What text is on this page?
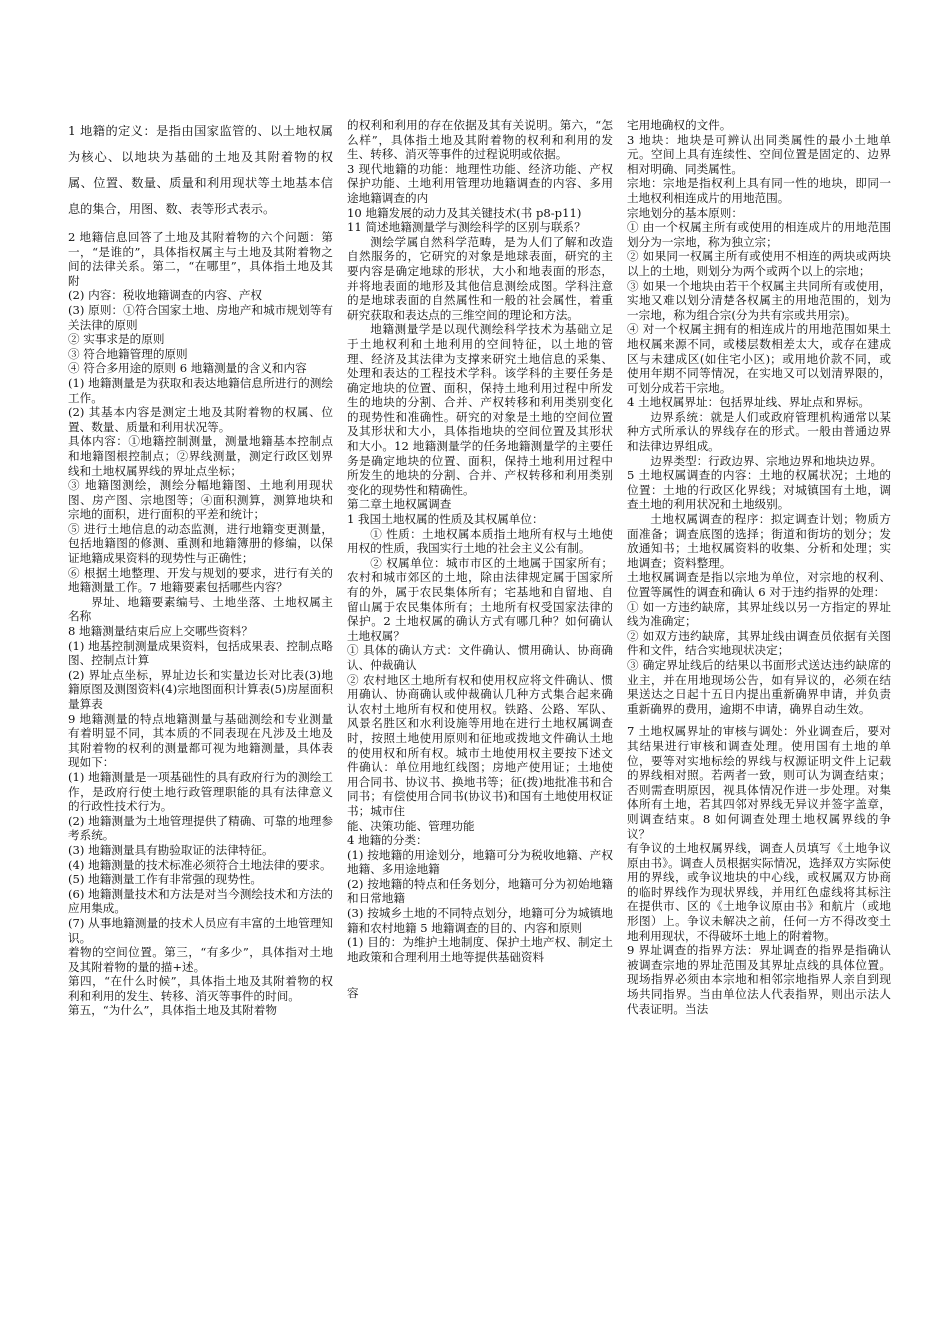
1 地籍的定义：是指由国家监管的、以土地权属为核心、以地块为基础的土地及其附着物的权属、位置、数量、质量和利用现状等土地基本信息的集合，用图、数、表等形式表示。

2 地籍信息回答了土地及其附着物的六个问题：第一，“是谁的”，具体指权属主与土地及其附着物之间的法律关系。第二，“在哪里”，具体指土地及其附

(2) 内容：税收地籍调查的内容、产权

(3) 原则：①符合国家土地、房地产和城市规划等有关法律的原则

② 实事求是的原则

③ 符合地籍管理的原则

④ 符合多用途的原则 6 地籍测量的含义和内容

(1) 地籍测量是为获取和表达地籍信息所进行的测绘工作。

(2) 其基本内容是测定土地及其附着物的权属、位置、数量、质量和利用状况等。

具体内容：①地籍控制测量，测量地籍基本控制点和地籍图根控制点；②界线测量，测定行政区划界线和土地权属界线的界址点坐标；

③ 地籍图测绘，测绘分幅地籍图、土地利用现状图、房产图、宗地图等；④面积测算，测算地块和宗地的面积，进行面积的平差和统计；

⑤ 进行土地信息的动态监测，进行地籍变更测量，包括地籍图的修测、重测和地籍簿册的修编，以保证地籍成果资料的现势性与正确性；

⑥ 根据土地整理、开发与规划的要求，进行有关的地籍测量工作。7 地籍要素包括哪些内容？

界址、地籍要素编号、土地坐落、土地权属主名称

8 地籍测量结束后应上交哪些资料？

(1) 地基控制测量成果资料，包括成果表、控制点略图、控制点计算

(2) 界址点坐标，界址边长和实量边长对比表(3)地籍原图及测图资料(4)宗地图面积计算表(5)房屋面积量算表

9 地籍测量的特点地籍测量与基础测绘和专业测量有着明显不同，其本质的不同表现在凡涉及土地及其附着物的权利的测量都可视为地籍测量，具体表现如下：

(1) 地籍测量是一项基础性的具有政府行为的测绘工作，是政府行使土地行政管理职能的具有法律意义的行政性技术行为。

(2) 地籍测量为土地管理提供了精确、可靠的地理参考系统。

(3) 地籍测量具有勘验取证的法律特征。

(4) 地籍测量的技术标准必须符合土地法律的要求。

(5) 地籍测量工作有非常强的现势性。

(6) 地籍测量技术和方法是对当今测绘技术和方法的应用集成。

(7) 从事地籍测量的技术人员应有丰富的土地管理知识。

着物的空间位置。第三，“有多少”，具体指对土地及其附着物的量的描+述。

第四，“在什么时候”，具体指土地及其附着物的权利和利用的发生、转移、消灭等事件的时间。

第五，“为什么”，具体指土地及其附着物

的权利和利用的存在依据及其有关说明。第六，“怎么样”，具体指土地及其附着物的权利和利用的发生、转移、消灭等事件的过程说明或依据。

3 现代地籍的功能：地理性功能、经济功能、产权保护功能、土地利用管理功地籍调查的内容、多用途地籍调查的内

10 地籍发展的动力及其关键技术(书 p8-p11)

11 简述地籍测量学与测绘科学的区别与联系？

测绘学属自然科学范畴，是为人们了解和改造自然服务的，它研究的对象是地球表面，研究的主要内容是确定地球的形状，大小和地表面的形态，并将地表面的地形及其他信息测绘成图。学科注意的是地球表面的自然属性和一般的社会属性，着重研究获取和表达点的三维空间的理论和方法。

地籍测量学是以现代测绘科学技术为基础立足于土地权利和土地利用的空间特征，以土地的管理、经济及其法律为支撑来研究土地信息的采集、处理和表达的工程技术学科。该学科的主要任务是确定地块的位置、面积，保持土地利用过程中所发生的地块的分割、合并、产权转移和利用类别变化的现势性和准确性。研究的对象是土地的空间位置及其形状和大小，具体指地块的空间位置及其形状和大小。12 地籍测量学的任务地籍测量学的主要任务是确定地块的位置、面积，保持土地利用过程中所发生的地块的分割、合并、产权转移和利用类别变化的现势性和精确性。

第二章土地权属调查

1 我国土地权属的性质及其权属单位：

① 性质：土地权属本质指土地所有权与土地使用权的性质，我国实行土地的社会主义公有制。

② 权属单位：城市市区的土地属于国家所有；农村和城市郊区的土地，除由法律规定属于国家所有的外，属于农民集体所有；宅基地和自留地、自留山属于农民集体所有；土地所有权受国家法律的保护。2 土地权属的确认方式有哪几种？如何确认土地权属？

① 具体的确认方式：文件确认、惯用确认、协商确认、仲裁确认

② 农村地区土地所有权和使用权应将文件确认、惯用确认、协商确认或仲裁确认几种方式集合起来确认农村土地所有权和使用权。铁路、公路、军队、风景名胜区和水利设施等用地在进行土地权属调查时，按照土地使用原则和征地或拨地文件确认土地的使用权和所有权。城市土地使用权主要按下述文件确认：单位用地红线图；房地产使用证；土地使用合同书、协议书、换地书等；征(拨)地批准书和合同书；有偿使用合同书(协议书)和国有土地使用权证书；城市住

能、决策功能、管理功能

4 地籍的分类：

(1) 按地籍的用途划分，地籍可分为税收地籍、产权地籍、多用途地籍

(2) 按地籍的特点和任务划分，地籍可分为初始地籍和日常地籍

(3) 按城乡土地的不同特点划分，地籍可分为城镇地籍和农村地籍 5 地籍调查的目的、内容和原则

(1) 目的：为维护土地制度、保护土地产权、制定土地政策和合理利用土地等提供基础资料

容

宅用地确权的文件。

3 地块：地块是可辨认出同类属性的最小土地单元。空间上具有连续性、空间位置是固定的、边界相对明确、同类属性。

宗地：宗地是指权利上具有同一性的地块，即同一土地权利相连成片的用地范围。

宗地划分的基本原则：

① 由一个权属主所有或使用的相连成片的用地范围划分为一宗地，称为独立宗；

② 如果同一权属主所有或使用不相连的两块或两块以上的土地，则划分为两个或两个以上的宗地；

③ 如果一个地块由若干个权属主共同所有或使用，实地又难以划分清楚各权属主的用地范围的，划为一宗地，称为组合宗(分为共有宗或共用宗)。

④ 对一个权属主拥有的相连成片的用地范围如果土地权属来源不同，或楼层数相差太大，或存在建成区与未建成区(如住宅小区)；或用地价款不同，或使用年期不同等情况，在实地又可以划清界限的，可划分成若干宗地。

4 土地权属界址：包括界址线、界址点和界标。

边界系统：就是人们或政府管理机构通常以某种方式所承认的界线存在的形式。一般由普通边界和法律边界组成。

边界类型：行政边界、宗地边界和地块边界。

5 土地权属调查的内容：土地的权属状况；土地的位置：土地的行政区化界线；对城镇国有土地，调查土地的利用状况和土地级别。

土地权属调查的程序：拟定调查计划；物质方面准备；调查底图的选择；街道和街坊的划分；发放通知书；土地权属资料的收集、分析和处理；实地调查；资料整理。

土地权属调查是指以宗地为单位，对宗地的权利、位置等属性的调查和确认 6 对于违约指界的处理：

① 如一方违约缺席，其界址线以另一方指定的界址线为准确定；

② 如双方违约缺席，其界址线由调查员依据有关图件和文件，结合实地现状决定；

③ 确定界址线后的结果以书面形式送达违约缺席的业主，并在用地现场公告，如有异议的，必须在结果送达之日起十五日内提出重新确界申请，并负责重新确界的费用，逾期不申请，确界自动生效。

7 土地权属界址的审核与调处：外业调查后，要对其结果进行审核和调查处理。使用国有土地的单位，要等对实地标绘的界线与权源证明文件上记载的界线相对照。若两者一致，则可认为调查结束；否则需查明原因，视具体情况作进一步处理。对集体所有土地，若其四邻对界线无异议并签字盖章，则调查结束。8 如何调查处理土地权属界线的争议？

有争议的土地权属界线，调查人员填写《土地争议原由书》。调查人员根据实际情况，选择双方实际使用的界线，或争议地块的中心线，或权属双方协商的临时界线作为现状界线，并用红色虚线将其标注在提供市、区的《土地争议原由书》和航片（或地形图）上。争议未解决之前，任何一方不得改变土地利用现状，不得破坏土地上的附着物。

9 界址调查的指界方法：界址调查的指界是指确认被调查宗地的界址范围及其界址点线的具体位置。现场指界必须由本宗地和相邻宗地指界人亲自到现场共同指界。当由单位法人代表指界，则出示法人代表证明。当法
